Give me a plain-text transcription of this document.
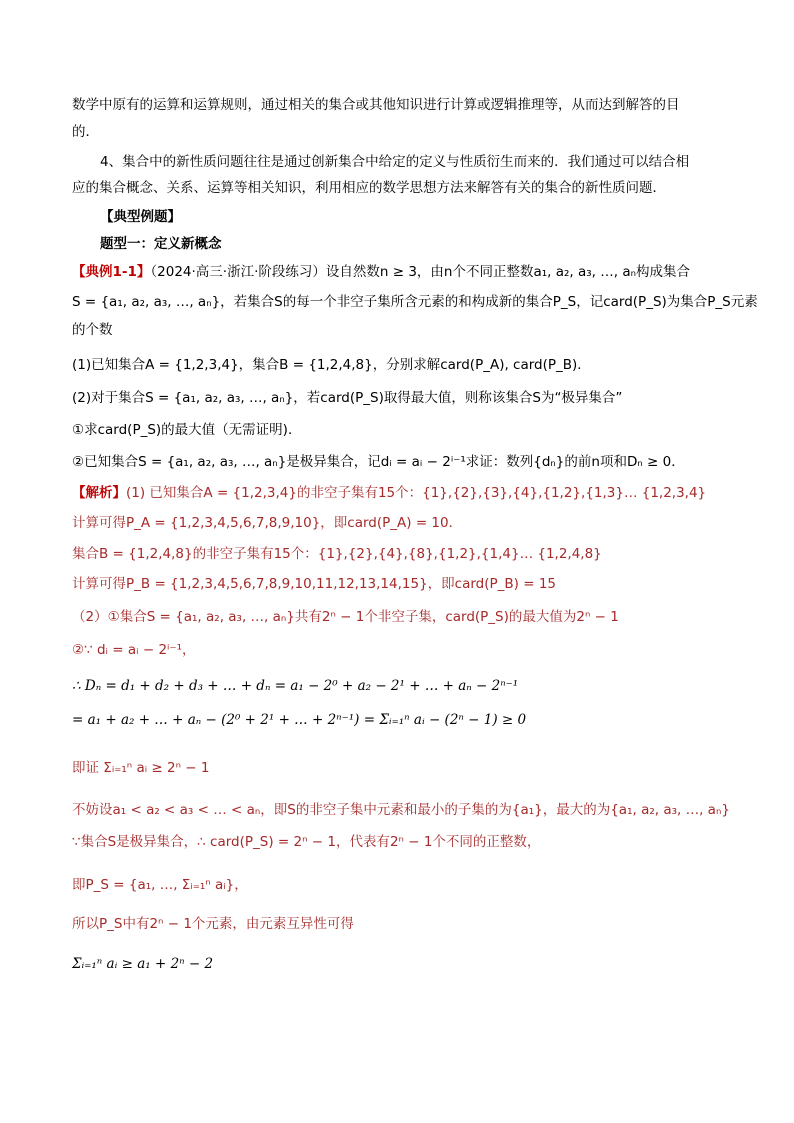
数学中原有的运算和运算规则，通过相关的集合或其他知识进行计算或逻辑推理等，从而达到解答的目
的．
4、集合中的新性质问题往往是通过创新集合中给定的定义与性质衍生而来的．我们通过可以结合相
应的集合概念、关系、运算等相关知识，利用相应的数学思想方法来解答有关的集合的新性质问题．
【典型例题】
题型一：定义新概念
【典例1-1】（2024·高三·浙江·阶段练习）设自然数n ≥ 3，由n个不同正整数a₁, a₂, a₃, …, aₙ构成集合
S = {a₁, a₂, a₃, …, aₙ}，若集合S的每一个非空子集所含元素的和构成新的集合P_S，记card(P_S)为集合P_S元素
的个数
(1)已知集合A = {1,2,3,4}，集合B = {1,2,4,8}，分别求解card(P_A), card(P_B)．
(2)对于集合S = {a₁, a₂, a₃, …, aₙ}，若card(P_S)取得最大值，则称该集合S为“极异集合”
①求card(P_S)的最大值（无需证明)．
②已知集合S = {a₁, a₂, a₃, …, aₙ}是极异集合，记dᵢ = aᵢ − 2ⁱ⁻¹求证：数列{dₙ}的前n项和Dₙ ≥ 0．
【解析】(1) 已知集合A = {1,2,3,4}的非空子集有15个：{1},{2},{3},{4},{1,2},{1,3}… {1,2,3,4}
计算可得P_A = {1,2,3,4,5,6,7,8,9,10}，即card(P_A) = 10．
集合B = {1,2,4,8}的非空子集有15个：{1},{2},{4},{8},{1,2},{1,4}… {1,2,4,8}
计算可得P_B = {1,2,3,4,5,6,7,8,9,10,11,12,13,14,15}，即card(P_B) = 15
（2）①集合S = {a₁, a₂, a₃, …, aₙ}共有2ⁿ − 1个非空子集，card(P_S)的最大值为2ⁿ − 1
②∵ dᵢ = aᵢ − 2ⁱ⁻¹，
∴ Dₙ = d₁ + d₂ + d₃ + … + dₙ = a₁ − 2⁰ + a₂ − 2¹ + … + aₙ − 2ⁿ⁻¹
= a₁ + a₂ + … + aₙ − (2⁰ + 2¹ + … + 2ⁿ⁻¹) = Σᵢ₌₁ⁿ aᵢ − (2ⁿ − 1) ≥ 0
即证 Σᵢ₌₁ⁿ aᵢ ≥ 2ⁿ − 1
不妨设a₁ < a₂ < a₃ < … < aₙ，即S的非空子集中元素和最小的子集的为{a₁}，最大的为{a₁, a₂, a₃, …, aₙ}
∵集合S是极异集合，∴ card(P_S) = 2ⁿ − 1，代表有2ⁿ − 1个不同的正整数，
即P_S = {a₁, …, Σᵢ₌₁ⁿ aᵢ}，
所以P_S中有2ⁿ − 1个元素，由元素互异性可得
Σᵢ₌₁ⁿ aᵢ ≥ a₁ + 2ⁿ − 2
